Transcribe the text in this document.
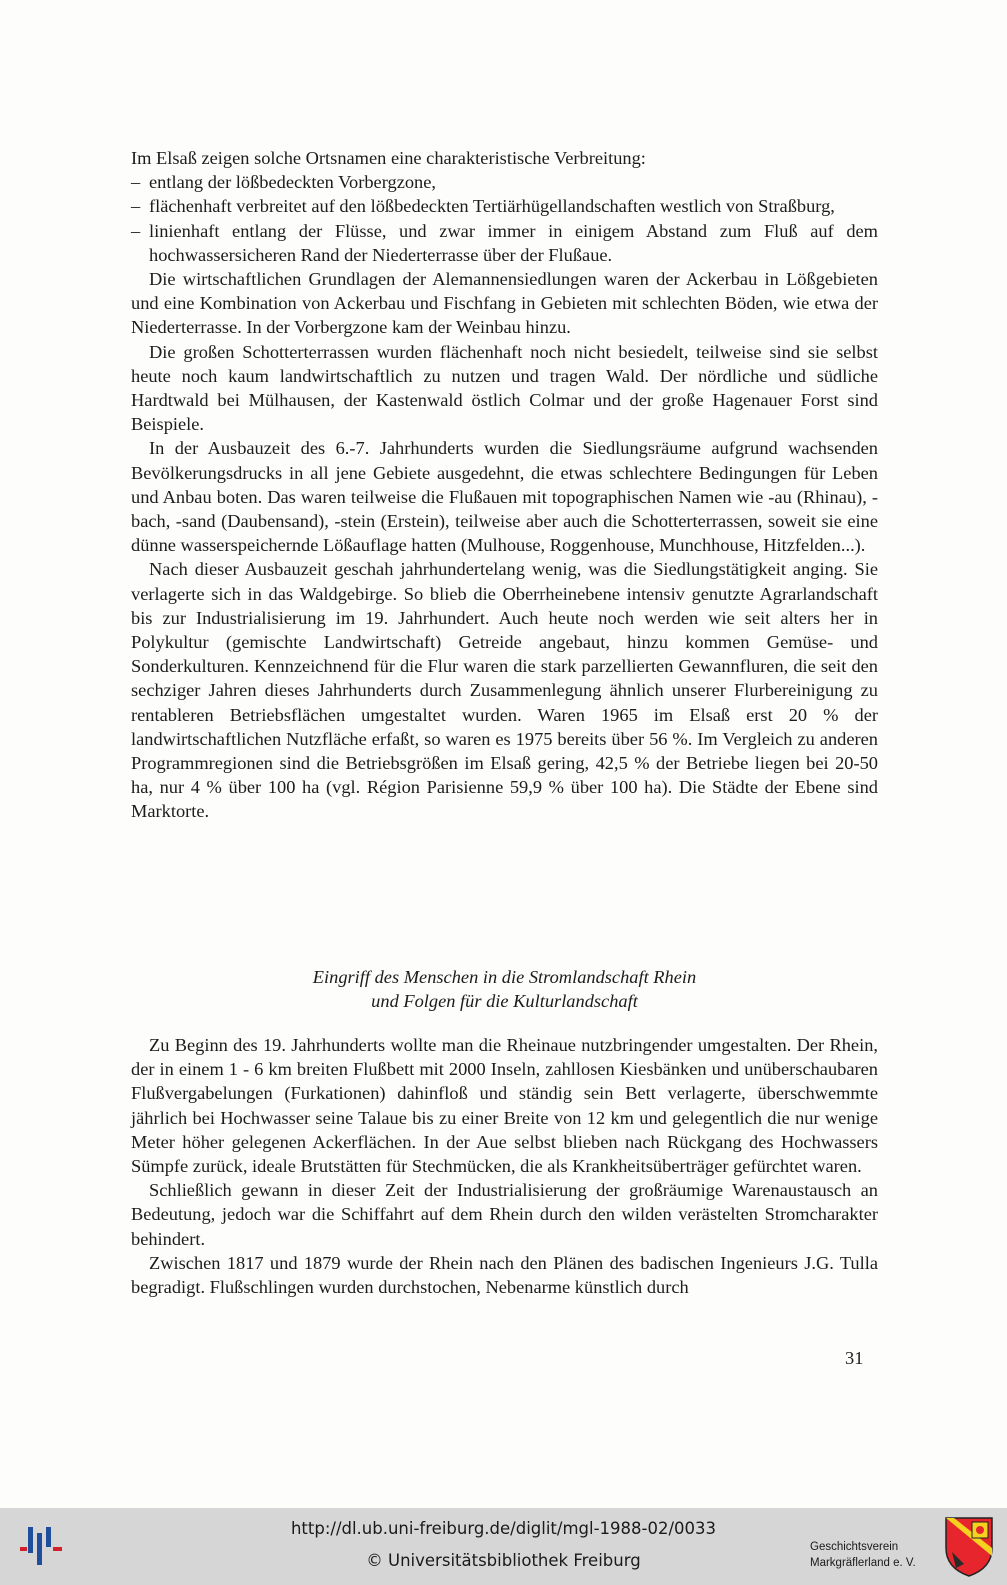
Im Elsaß zeigen solche Ortsnamen eine charakteristische Verbreitung:

– entlang der lößbedeckten Vorbergzone,
– flächenhaft verbreitet auf den lößbedeckten Tertiärhügellandschaften westlich von Straßburg,
– linienhaft entlang der Flüsse, und zwar immer in einigem Abstand zum Fluß auf dem hochwassersicheren Rand der Niederterrasse über der Flußaue.

Die wirtschaftlichen Grundlagen der Alemannensiedlungen waren der Ackerbau in Lößgebieten und eine Kombination von Ackerbau und Fischfang in Gebieten mit schlechten Böden, wie etwa der Niederterrasse. In der Vorbergzone kam der Weinbau hinzu.

Die großen Schotterterrassen wurden flächenhaft noch nicht besiedelt, teilweise sind sie selbst heute noch kaum landwirtschaftlich zu nutzen und tragen Wald. Der nördliche und südliche Hardtwald bei Mülhausen, der Kastenwald östlich Colmar und der große Hagenauer Forst sind Beispiele.

In der Ausbauzeit des 6.-7. Jahrhunderts wurden die Siedlungsräume aufgrund wachsenden Bevölkerungsdrucks in all jene Gebiete ausgedehnt, die etwas schlechtere Bedingungen für Leben und Anbau boten. Das waren teilweise die Flußauen mit topographischen Namen wie -au (Rhinau), -bach, -sand (Daubensand), -stein (Erstein), teilweise aber auch die Schotterterrassen, soweit sie eine dünne wasserspeichernde Lößauflage hatten (Mulhouse, Roggenhouse, Munchhouse, Hitzfelden...).

Nach dieser Ausbauzeit geschah jahrhundertelang wenig, was die Siedlungstätigkeit anging. Sie verlagerte sich in das Waldgebirge. So blieb die Oberrheinebene intensiv genutzte Agrarlandschaft bis zur Industrialisierung im 19. Jahrhundert. Auch heute noch werden wie seit alters her in Polykultur (gemischte Landwirtschaft) Getreide angebaut, hinzu kommen Gemüse- und Sonderkulturen. Kennzeichnend für die Flur waren die stark parzellierten Gewannfluren, die seit den sechziger Jahren dieses Jahrhunderts durch Zusammenlegung ähnlich unserer Flurbereinigung zu rentableren Betriebsflächen umgestaltet wurden. Waren 1965 im Elsaß erst 20 % der landwirtschaftlichen Nutzfläche erfaßt, so waren es 1975 bereits über 56 %. Im Vergleich zu anderen Programmregionen sind die Betriebsgrößen im Elsaß gering, 42,5 % der Betriebe liegen bei 20-50 ha, nur 4 % über 100 ha (vgl. Région Parisienne 59,9 % über 100 ha). Die Städte der Ebene sind Marktorte.

Eingriff des Menschen in die Stromlandschaft Rhein
und Folgen für die Kulturlandschaft

Zu Beginn des 19. Jahrhunderts wollte man die Rheinaue nutzbringender umgestalten. Der Rhein, der in einem 1 - 6 km breiten Flußbett mit 2000 Inseln, zahllosen Kiesbänken und unüberschaubaren Flußvergabelungen (Furkationen) dahinfloß und ständig sein Bett verlagerte, überschwemmte jährlich bei Hochwasser seine Talaue bis zu einer Breite von 12 km und gelegentlich die nur wenige Meter höher gelegenen Ackerflächen. In der Aue selbst blieben nach Rückgang des Hochwassers Sümpfe zurück, ideale Brutstätten für Stechmücken, die als Krankheitsüberträger gefürchtet waren.

Schließlich gewann in dieser Zeit der Industrialisierung der großräumige Warenaustausch an Bedeutung, jedoch war die Schiffahrt auf dem Rhein durch den wilden verästelten Stromcharakter behindert.

Zwischen 1817 und 1879 wurde der Rhein nach den Plänen des badischen Ingenieurs J.G. Tulla begradigt. Flußschlingen wurden durchstochen, Nebenarme künstlich durch

31
http://dl.ub.uni-freiburg.de/diglit/mgl-1988-02/0033
© Universitätsbibliothek Freiburg
Geschichtsverein
Markgräflerland e. V.
